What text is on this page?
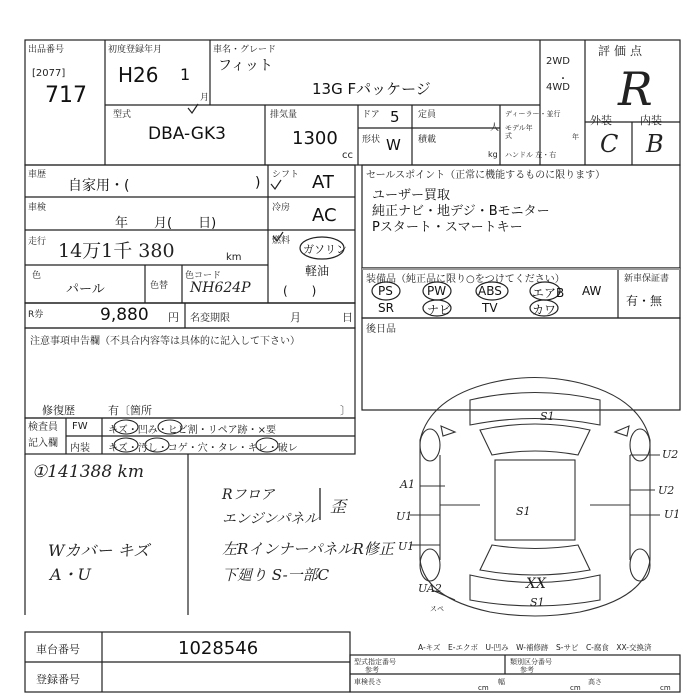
出品番号
[2077]
717
初度登録年月
H26 1
月
車名・グレード
フィット
13G Fパッケージ
2WD
・
4WD
評価点
R
外装	内装
C B
型式
DBA-GK3
排気量
1300
cc
ドア 5 定員
人
形状 W 積載
kg
ディーラー・並行
モデル年式	年
ハンドル 左・右
車歴
自家用・(	)
車検
年　　月(　　日)
走行 14万1千 380	km
色
パール	色替
色コード
NH624P
シフト AT
冷房 AC
燃料
ガソリン
軽油
(　　)
セールスポイント（正常に機能するものに限ります）
ユーザー買取
純正ナビ・地デジ・Bモニター
Pスタート・スマートキー
装備品（純正品に限り○をつけてください）
PS	PW	ABS	エアB AW
SR	ナビ	TV	カワ
新車保証書
有・無
後日品
R券	9,880 円 名変期限	月	日
注意事項申告欄（不具合内容等は具体的に記入して下さい）
修復歴	有〔箇所	〕
検査員記入欄
FW
内装
キズ・凹み・ヒビ割・リペア跡・×要
キズ・汚し・コゲ・穴・タレ・キレ・破レ
①141388 km
Wカバー キズ
A・U
Rフロア
エンジンパネル
歪
左RインナーパネルR修正
下廻り S-一部C
S1
U2
A1	U2
U1	U1
U1
XX
S1
UA2
S1
スペ
A-キズ　E-エクボ　U-凹み　W-補修跡　S-サビ　C-腐食　XX-交換済
車台番号	1028546
登録番号
型式指定番号
参考
類別区分番号
参考
車検長さ
cm
幅
cm
高さ
cm
